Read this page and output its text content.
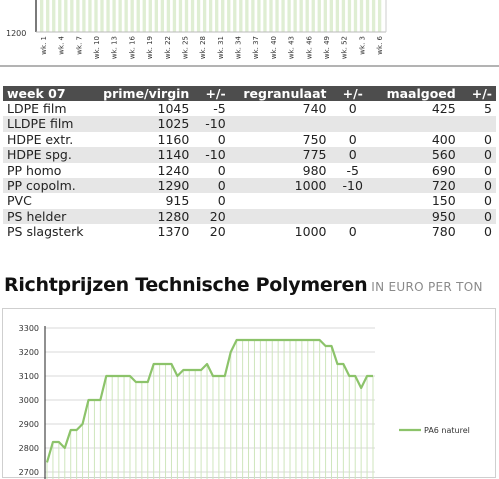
1200
wk. 1 wk. 4 wk. 7 wk. 10 wk. 13 wk. 16 wk. 19 wk. 22 wk. 25 wk. 28 wk. 31 wk. 34 wk. 37 wk. 40 wk. 43 wk. 46 wk. 49 wk. 52 wk. 3 wk. 6
week 07	prime/virgin	+/-	regranulaat	+/-	maalgoed	+/-
LDPE film	1045	-5	740	0	425	5
LLDPE film	1025	-10				
HDPE extr.	1160	0	750	0	400	0
HDPE spg.	1140	-10	775	0	560	0
PP homo	1240	0	980	-5	690	0
PP copolm.	1290	0	1000	-10	720	0
PVC	915	0			150	0
PS helder	1280	20			950	0
PS slagsterk	1370	20	1000	0	780	0
Richtprijzen Technische Polymeren IN EURO PER TON
3300
3200
3100
3000
2900
2800
2700
PA6 naturel
